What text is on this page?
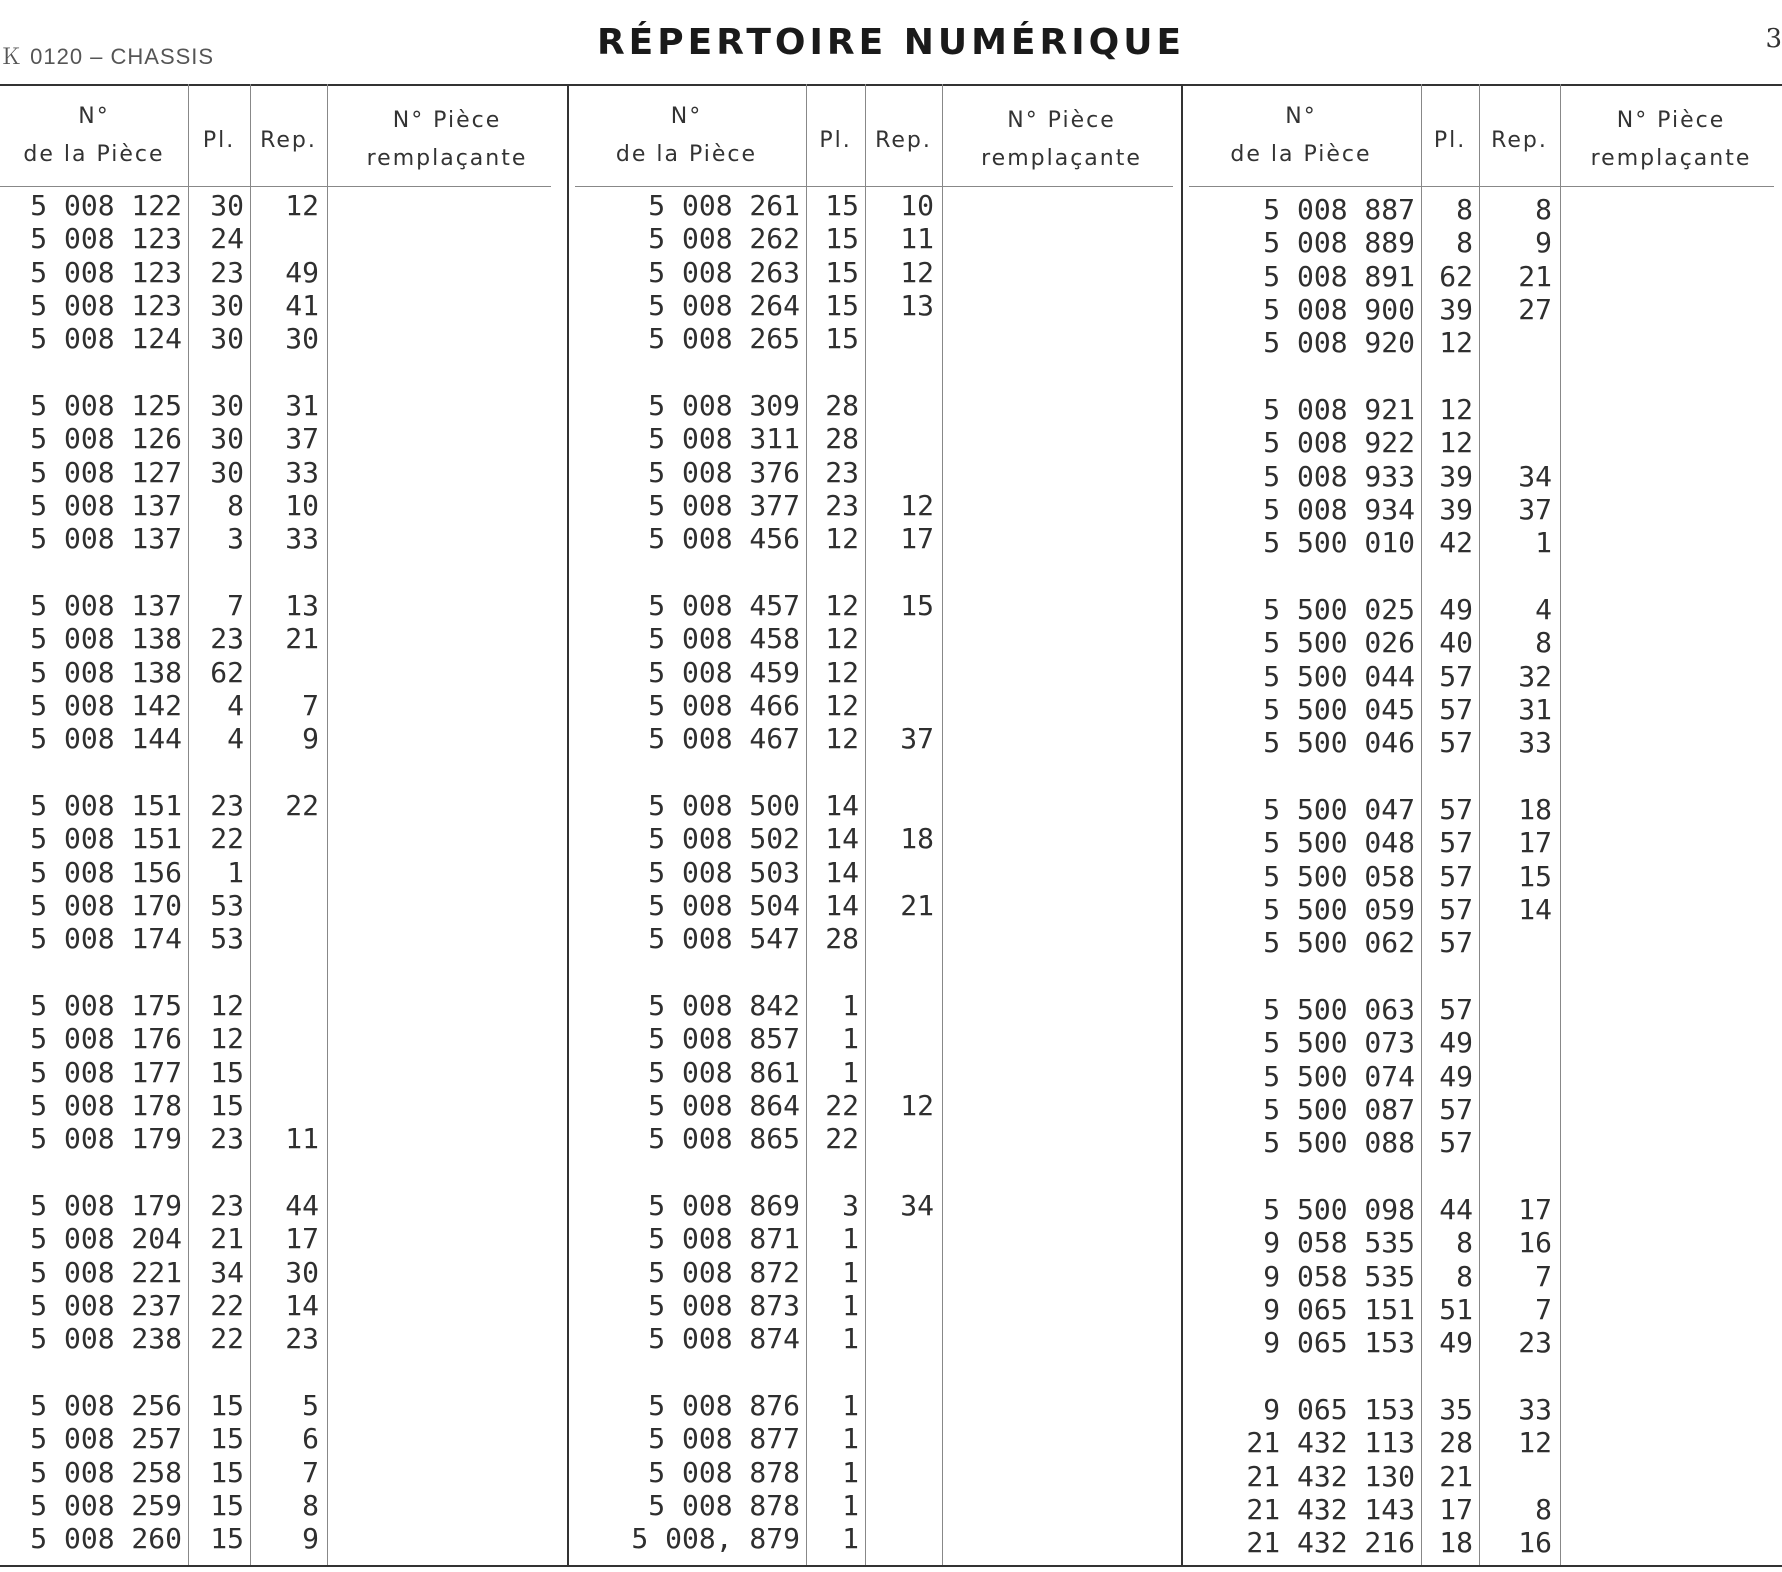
Ｋ 0120 – CHASSIS	RÉPERTOIRE NUMÉRIQUE	3
N°
de la Pièce
Pl.	Rep.
N° Pièce
remplaçante
5 008 122	30	12
5 008 123	24
5 008 123	23	49
5 008 123	30	41
5 008 124	30	30
5 008 125	30	31
5 008 126	30	37
5 008 127	30	33
5 008 137	8	10
5 008 137	3	33
5 008 137	7	13
5 008 138	23	21
5 008 138	62
5 008 142	4	7
5 008 144	4	9
5 008 151	23	22
5 008 151	22
5 008 156	1
5 008 170	53
5 008 174	53
5 008 175	12
5 008 176	12
5 008 177	15
5 008 178	15
5 008 179	23	11
5 008 179	23	44
5 008 204	21	17
5 008 221	34	30
5 008 237	22	14
5 008 238	22	23
5 008 256	15	5
5 008 257	15	6
5 008 258	15	7
5 008 259	15	8
5 008 260	15	9
N°
de la Pièce
Pl.	Rep.
N° Pièce
remplaçante
5 008 261 15	10
5 008 262 15	11
5 008 263 15	12
5 008 264 15	13
5 008 265 15
5 008 309 28
5 008 311 28
5 008 376 23
5 008 377 23	12
5 008 456 12	17
5 008 457 12	15
5 008 458 12
5 008 459 12
5 008 466 12
5 008 467 12	37
5 008 500 14
5 008 502 14	18
5 008 503 14
5 008 504 14	21
5 008 547 28
5 008 842	1
5 008 857	1
5 008 861	1
5 008 864 22	12
5 008 865 22
5 008 869	3	34
5 008 871	1
5 008 872	1
5 008 873	1
5 008 874	1
5 008 876	1
5 008 877	1
5 008 878	1
5 008 878	1
5 008, 879	1
N°
de la Pièce
Pl.	Rep.
N° Pièce
remplaçante
5 008 887	8	8
5 008 889	8	9
5 008 891 62	21
5 008 900 39	27
5 008 920 12
5 008 921 12
5 008 922 12
5 008 933 39	34
5 008 934 39	37
5 500 010 42	1
5 500 025 49	4
5 500 026 40	8
5 500 044 57	32
5 500 045 57	31
5 500 046 57	33
5 500 047 57	18
5 500 048 57	17
5 500 058 57	15
5 500 059 57	14
5 500 062 57
5 500 063 57
5 500 073 49
5 500 074 49
5 500 087 57
5 500 088 57
5 500 098 44	17
9 058 535	8	16
9 058 535	8	7
9 065 151 51	7
9 065 153 49	23
9 065 153 35	33
21 432 113 28	12
21 432 130 21
21 432 143 17	8
21 432 216 18	16
